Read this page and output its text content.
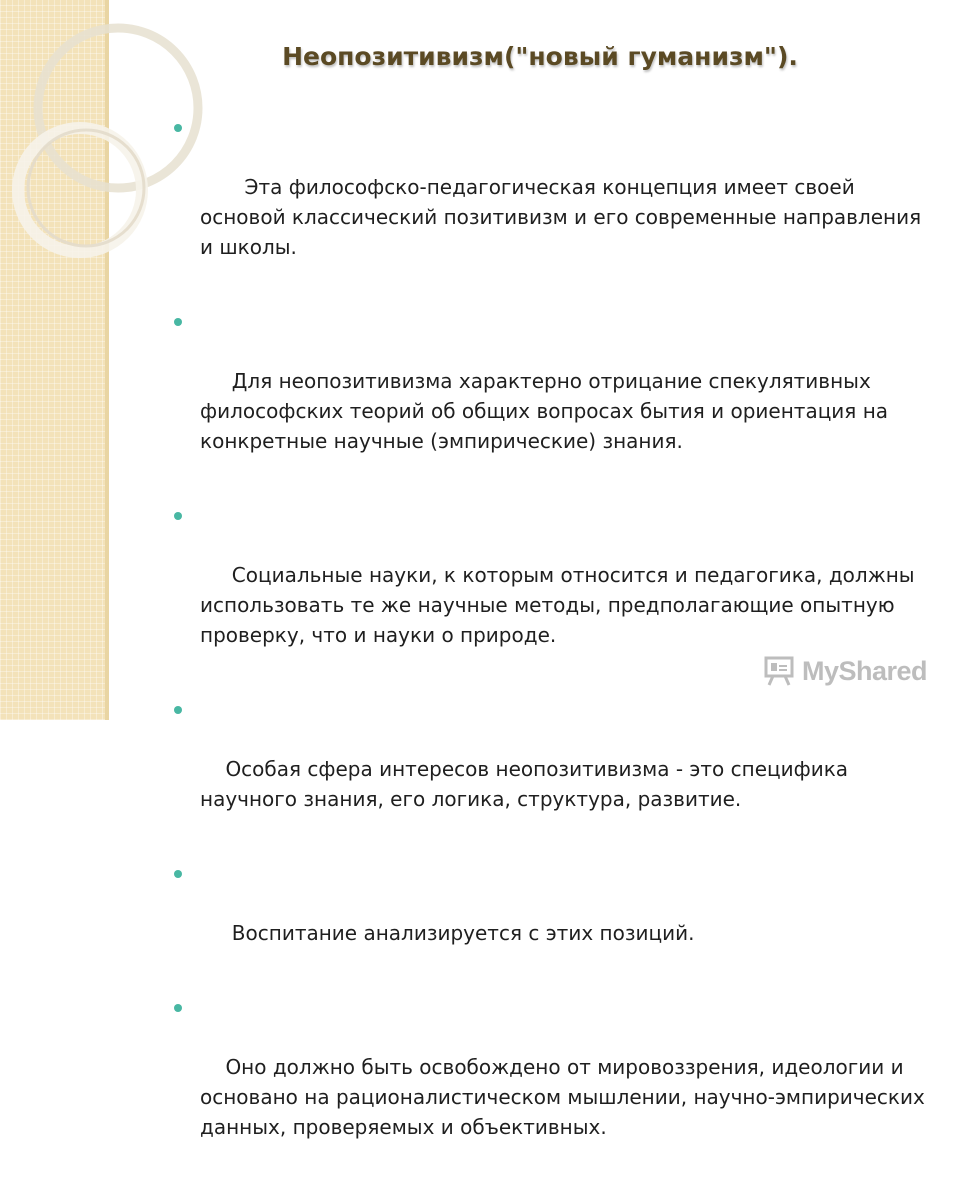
Неопозитивизм("новый гуманизм").

Эта философско-педагогическая концепция имеет своей основой классический позитивизм и его современные направления и школы.

Для неопозитивизма характерно отрицание спекулятивных философских теорий об общих вопросах бытия и ориентация на конкретные научные (эмпирические) знания.

Социальные науки, к которым относится и педагогика, должны использовать те же научные методы, предполагающие опытную проверку, что и науки о природе.

Особая сфера интересов неопозитивизма - это специфика научного знания, его логика, структура, развитие.

Воспитание анализируется с этих позиций.

Оно должно быть освобождено от мировоззрения, идеологии и основано на рационалистическом мышлении, научно-эмпирических данных, проверяемых и объективных.

MyShared
